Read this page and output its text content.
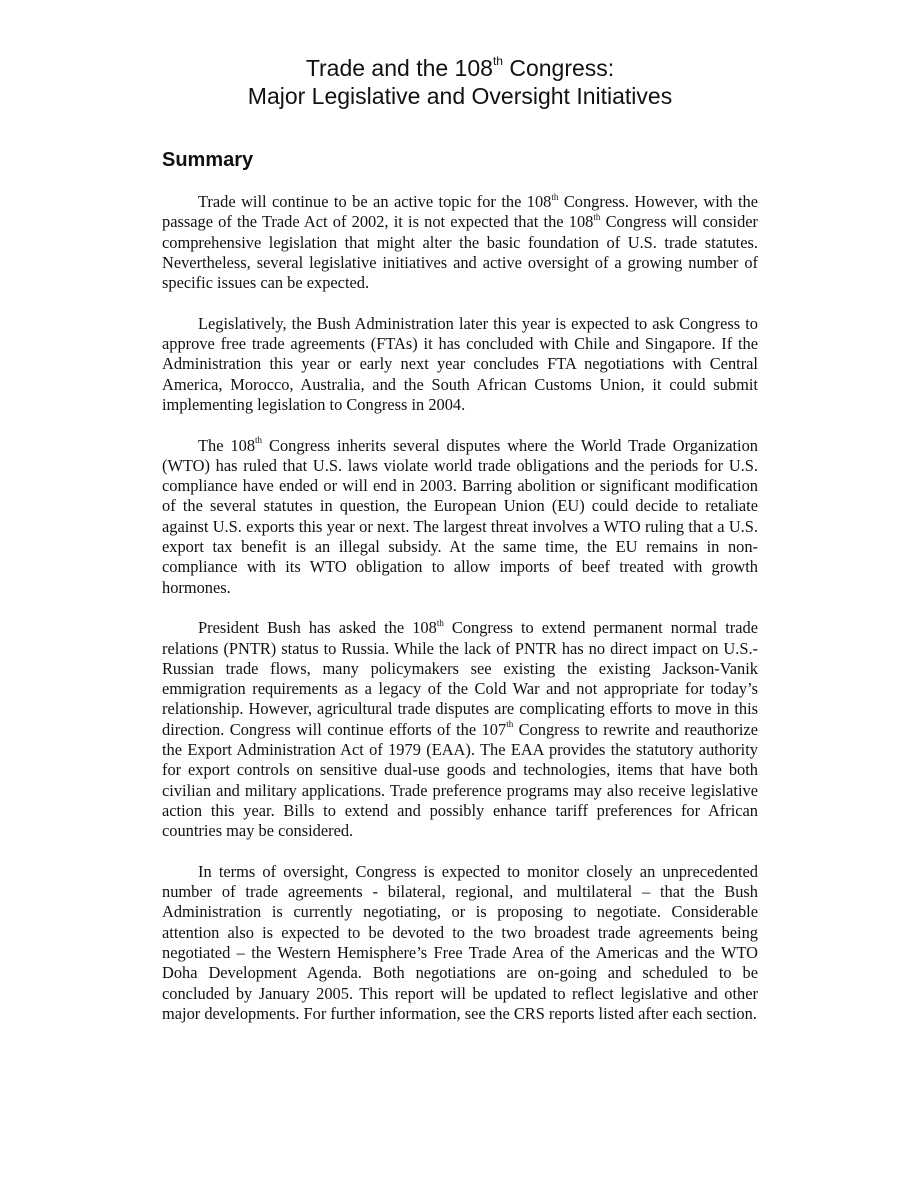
Trade and the 108th Congress:
Major Legislative and Oversight Initiatives
Summary

Trade will continue to be an active topic for the 108th Congress. However, with the passage of the Trade Act of 2002, it is not expected that the 108th Congress will consider comprehensive legislation that might alter the basic foundation of U.S. trade statutes. Nevertheless, several legislative initiatives and active oversight of a growing number of specific issues can be expected.

Legislatively, the Bush Administration later this year is expected to ask Congress to approve free trade agreements (FTAs) it has concluded with Chile and Singapore. If the Administration this year or early next year concludes FTA negotiations with Central America, Morocco, Australia, and the South African Customs Union, it could submit implementing legislation to Congress in 2004.

The 108th Congress inherits several disputes where the World Trade Organization (WTO) has ruled that U.S. laws violate world trade obligations and the periods for U.S. compliance have ended or will end in 2003. Barring abolition or significant modification of the several statutes in question, the European Union (EU) could decide to retaliate against U.S. exports this year or next. The largest threat involves a WTO ruling that a U.S. export tax benefit is an illegal subsidy. At the same time, the EU remains in non-compliance with its WTO obligation to allow imports of beef treated with growth hormones.

President Bush has asked the 108th Congress to extend permanent normal trade relations (PNTR) status to Russia. While the lack of PNTR has no direct impact on U.S.-Russian trade flows, many policymakers see existing the existing Jackson-Vanik emmigration requirements as a legacy of the Cold War and not appropriate for today’s relationship. However, agricultural trade disputes are complicating efforts to move in this direction. Congress will continue efforts of the 107th Congress to rewrite and reauthorize the Export Administration Act of 1979 (EAA). The EAA provides the statutory authority for export controls on sensitive dual-use goods and technologies, items that have both civilian and military applications. Trade preference programs may also receive legislative action this year. Bills to extend and possibly enhance tariff preferences for African countries may be considered.

In terms of oversight, Congress is expected to monitor closely an unprecedented number of trade agreements - bilateral, regional, and multilateral – that the Bush Administration is currently negotiating, or is proposing to negotiate. Considerable attention also is expected to be devoted to the two broadest trade agreements being negotiated – the Western Hemisphere’s Free Trade Area of the Americas and the WTO Doha Development Agenda. Both negotiations are on-going and scheduled to be concluded by January 2005. This report will be updated to reflect legislative and other major developments. For further information, see the CRS reports listed after each section.
